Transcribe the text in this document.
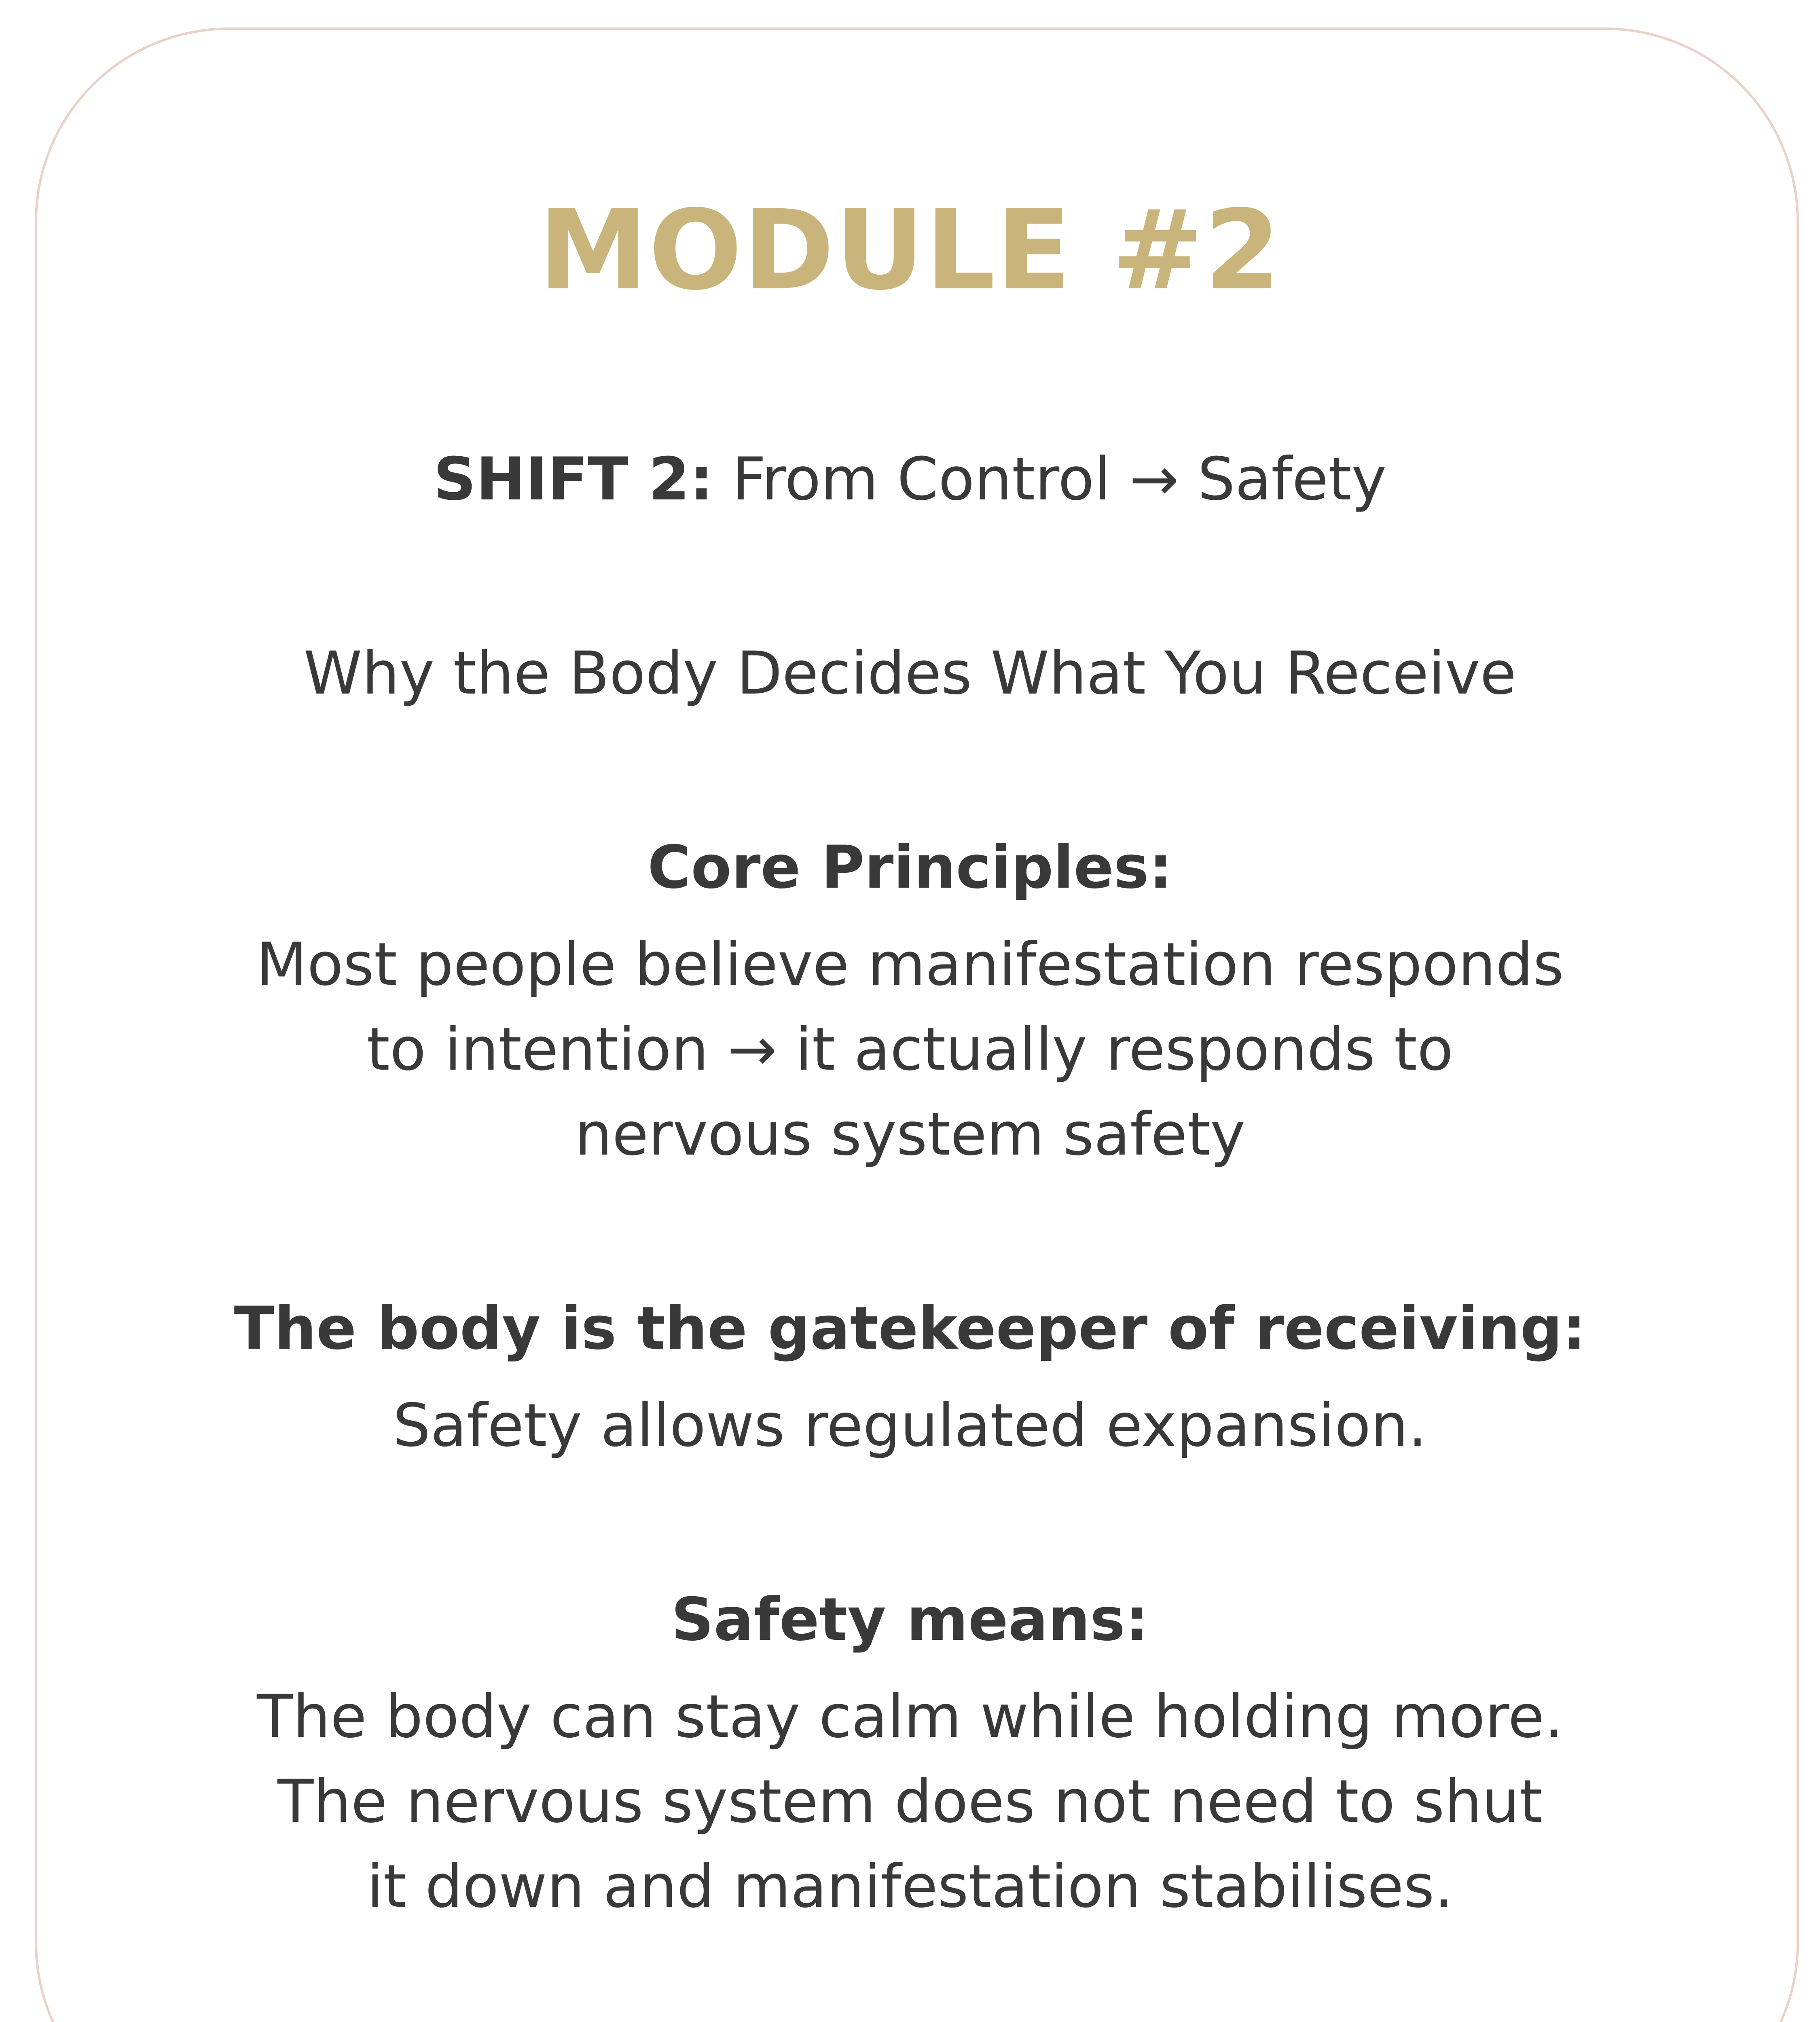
MODULE #2
SHIFT 2: From Control → Safety
Why the Body Decides What You Receive
Core Principles:
Most people believe manifestation responds
to intention → it actually responds to
nervous system safety
The body is the gatekeeper of receiving:
Safety allows regulated expansion.
Safety means:
The body can stay calm while holding more.
The nervous system does not need to shut
it down and manifestation stabilises.
